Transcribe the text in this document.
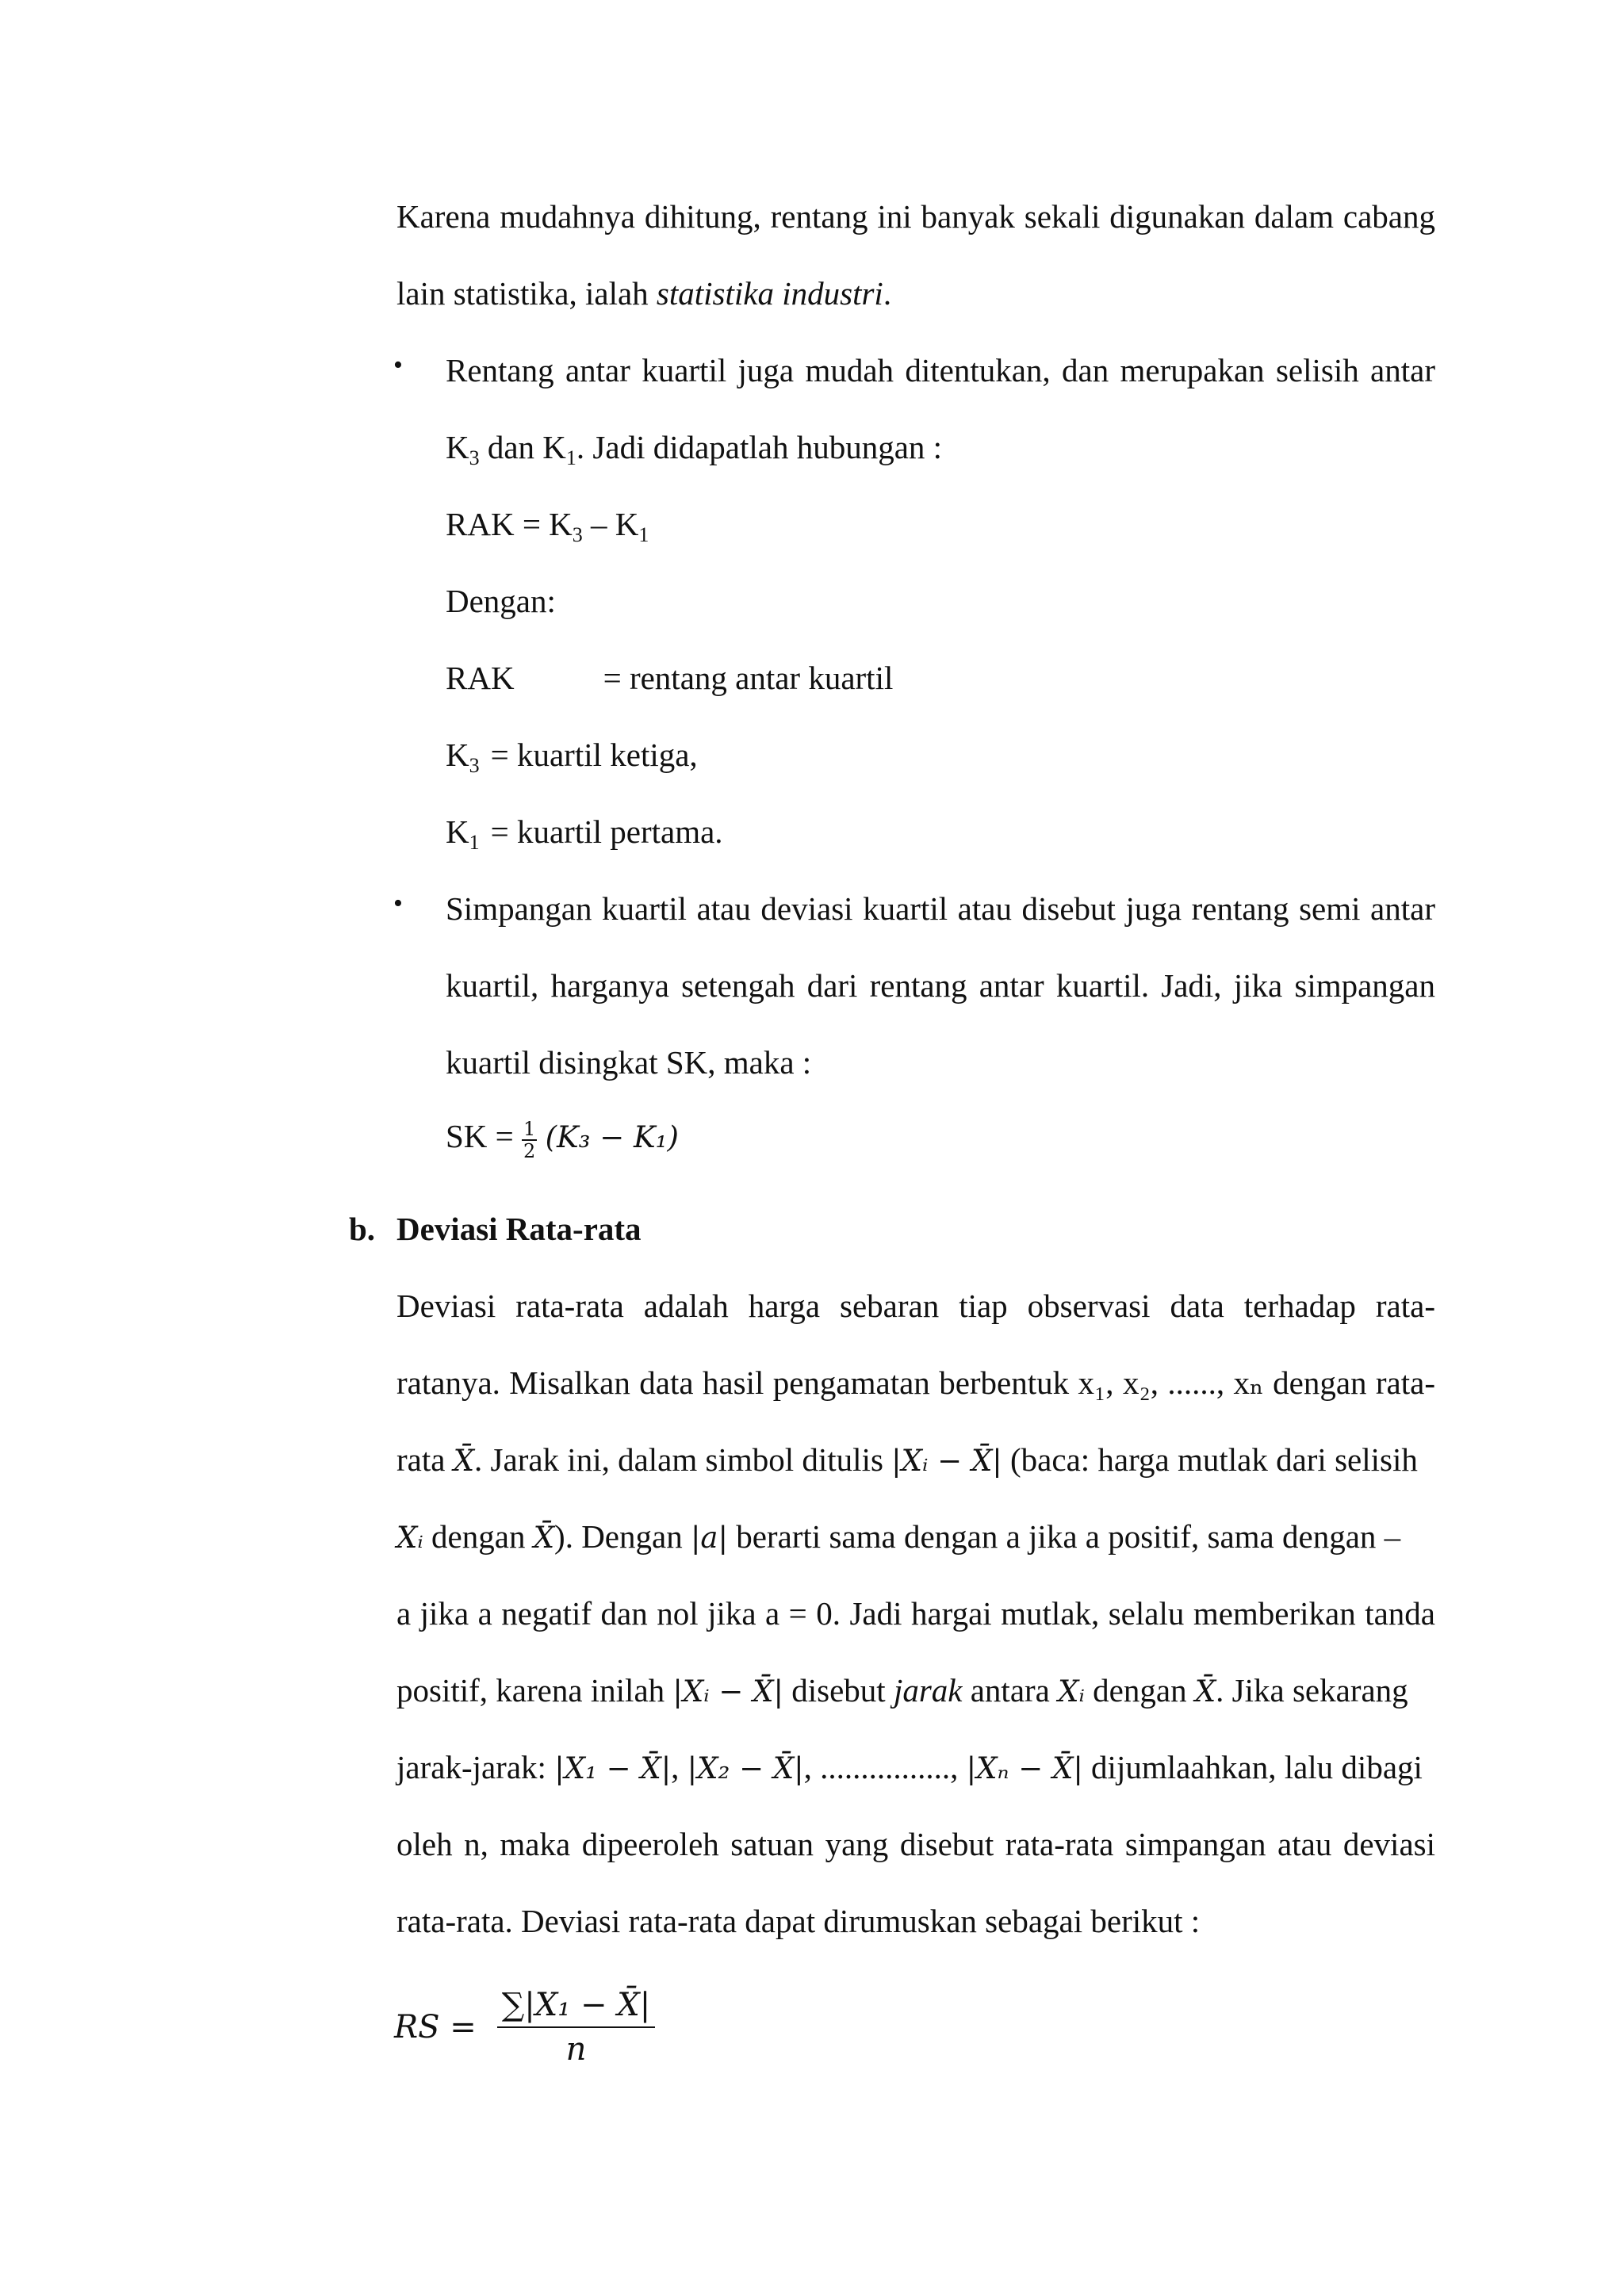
Karena mudahnya dihitung, rentang ini banyak sekali digunakan dalam cabang
lain statistika, ialah statistika industri.
• Rentang antar kuartil juga mudah ditentukan, dan merupakan selisih antar
$K_3$ dan $K_1$. Jadi didapatlah hubungan :
RAK = $K_3 - K_1$
Dengan:
RAK	= rentang antar kuartil
$K_3$ = kuartil ketiga,
$K_1$ = kuartil pertama.
• Simpangan kuartil atau deviasi kuartil atau disebut juga rentang semi antar
kuartil, harganya setengah dari rentang antar kuartil. Jadi, jika simpangan
kuartil disingkat SK, maka :
SK = $\frac{1}{2} (K_3 - K_1)$
b. Deviasi Rata-rata
Deviasi rata-rata adalah harga sebaran tiap observasi data terhadap rata-
ratanya. Misalkan data hasil pengamatan berbentuk x₁, x₂, ......, xₙ dengan rata-
rata X̄. Jarak ini, dalam simbol ditulis |Xᵢ − X̄| (baca: harga mutlak dari selisih
Xᵢ dengan X̄). Dengan |a| berarti sama dengan a jika a positif, sama dengan –
a jika a negatif dan nol jika a = 0. Jadi hargai mutlak, selalu memberikan tanda
positif, karena inilah |Xᵢ − X̄| disebut jarak antara Xᵢ dengan X̄. Jika sekarang
jarak-jarak: |X₁ − X̄|, |X₂ − X̄|, ................, |Xₙ − X̄| dijumlaahkan, lalu dibagi
oleh n, maka dipeeroleh satuan yang disebut rata-rata simpangan atau deviasi
rata-rata. Deviasi rata-rata dapat dirumuskan sebagai berikut :
RS = $\frac{\text{∑|X₁ − X̄|}}{n}$
